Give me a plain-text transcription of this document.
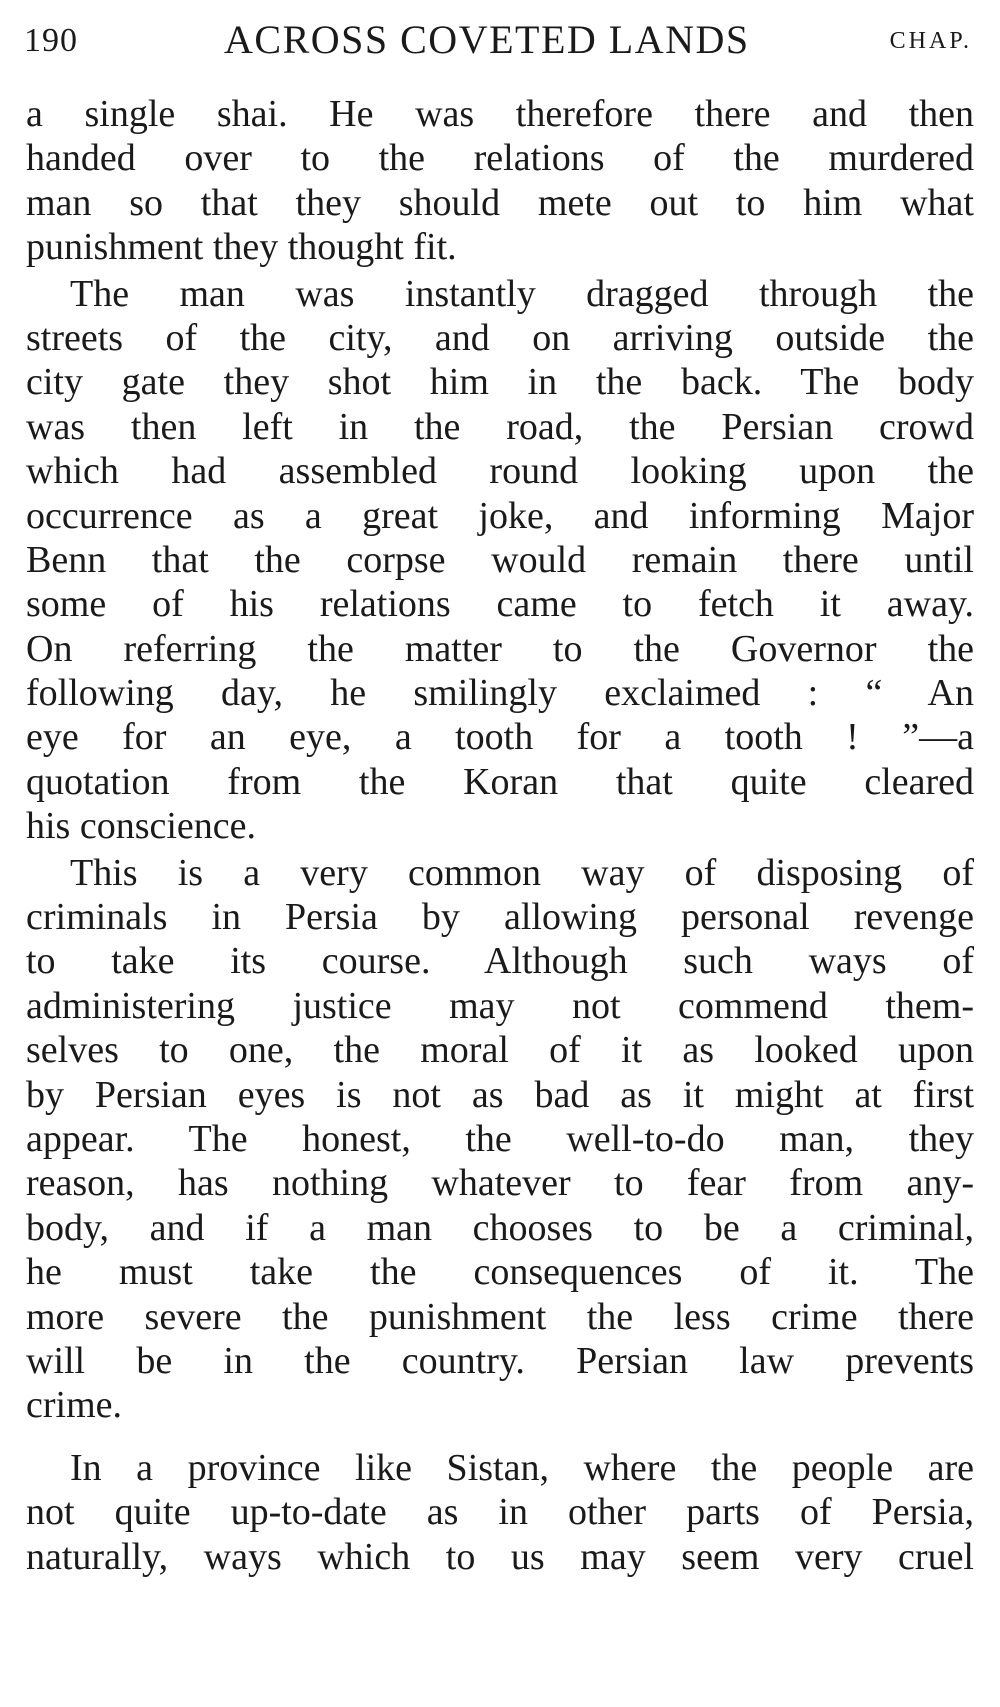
190	ACROSS COVETED LANDS	CHAP.
a single shai. He was therefore there and then
handed over to the relations of the murdered
man so that they should mete out to him what
punishment they thought fit.
The man was instantly dragged through the
streets of the city, and on arriving outside the
city gate they shot him in the back. The body
was then left in the road, the Persian crowd
which had assembled round looking upon the
occurrence as a great joke, and informing Major
Benn that the corpse would remain there until
some of his relations came to fetch it away.
On referring the matter to the Governor the
following day, he smilingly exclaimed : “ An
eye for an eye, a tooth for a tooth ! ”—a
quotation from the Koran that quite cleared
his conscience.
This is a very common way of disposing of
criminals in Persia by allowing personal revenge
to take its course. Although such ways of
administering justice may not commend them-
selves to one, the moral of it as looked upon
by Persian eyes is not as bad as it might at first
appear. The honest, the well-to-do man, they
reason, has nothing whatever to fear from any-
body, and if a man chooses to be a criminal,
he must take the consequences of it. The
more severe the punishment the less crime there
will be in the country. Persian law prevents
crime.
In a province like Sistan, where the people are
not quite up-to-date as in other parts of Persia,
naturally, ways which to us may seem very cruel
